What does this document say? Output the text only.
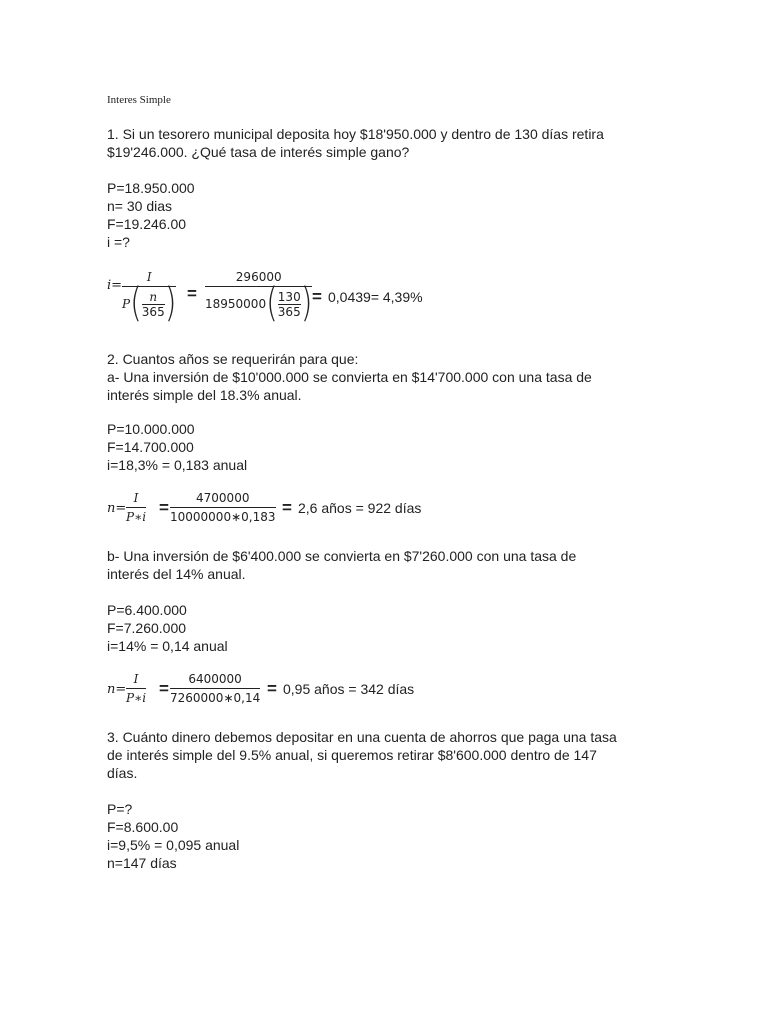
Interes Simple
1. Si un tesorero municipal deposita hoy $18'950.000 y dentro de 130 días retira
$19'246.000. ¿Qué tasa de interés simple gano?
P=18.950.000
n= 30 dias
F=19.246.00
i =?
i=
I
P ( n
365 ) =
296000
18950000 ( 130
365 ) = 0,0439= 4,39%
2. Cuantos años se requerirán para que:
a- Una inversión de $10'000.000 se convierta en $14'700.000 con una tasa de
interés simple del 18.3% anual.
P=10.000.000
F=14.700.000
i=18,3% = 0,183 anual
n=
I
P∗i = 4700000
10000000∗0,183 = 2,6 años = 922 días
b- Una inversión de $6'400.000 se convierta en $7'260.000 con una tasa de
interés del 14% anual.
P=6.400.000
F=7.260.000
i=14% = 0,14 anual
n=
I
P∗i = 6400000
7260000∗0,14 = 0,95 años = 342 días
3. Cuánto dinero debemos depositar en una cuenta de ahorros que paga una tasa
de interés simple del 9.5% anual, si queremos retirar $8'600.000 dentro de 147
días.
P=?
F=8.600.00
i=9,5% = 0,095 anual
n=147 días
